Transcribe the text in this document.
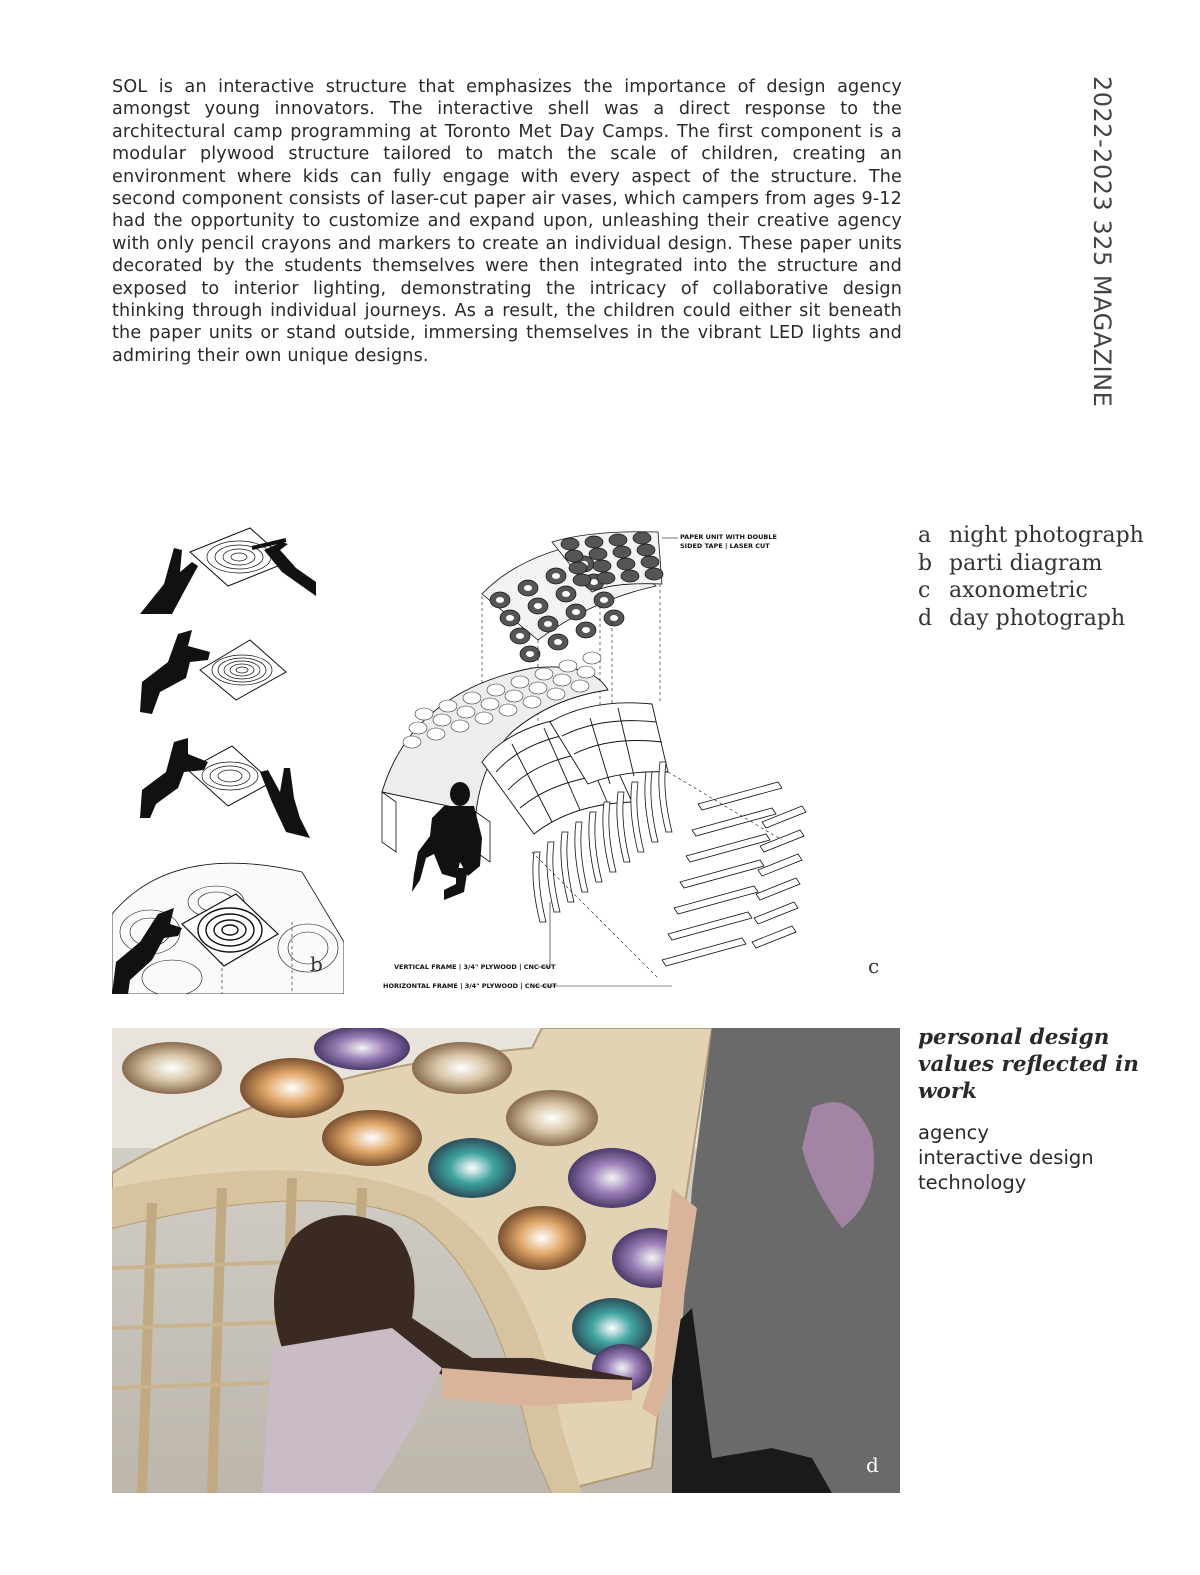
SOL is an interactive structure that emphasizes the importance of design agency amongst young innovators. The interactive shell was a direct response to the architectural camp programming at Toronto Met Day Camps. The first component is a modular plywood structure tailored to match the scale of children, creating an environment where kids can fully engage with every aspect of the structure. The second component consists of laser-cut paper air vases, which campers from ages 9-12 had the opportunity to customize and expand upon, unleashing their creative agency with only pencil crayons and markers to create an individual design. These paper units decorated by the students themselves were then integrated into the structure and exposed to interior lighting, demonstrating the intricacy of collaborative design thinking through individual journeys. As a result, the children could either sit beneath the paper units or stand outside, immersing themselves in the vibrant LED lights and admiring their own unique designs.	2022-2023 325 MAGAZINE
a night photograph
b parti diagram
c axonometric
d day photograph
b
PAPER UNIT WITH DOUBLE
SIDED TAPE | LASER CUT
VERTICAL FRAME | 3/4" PLYWOOD | CNC CUT
HORIZONTAL FRAME | 3/4" PLYWOOD | CNC CUT
c
d
personal design values reflected in work
agency
interactive design
technology
